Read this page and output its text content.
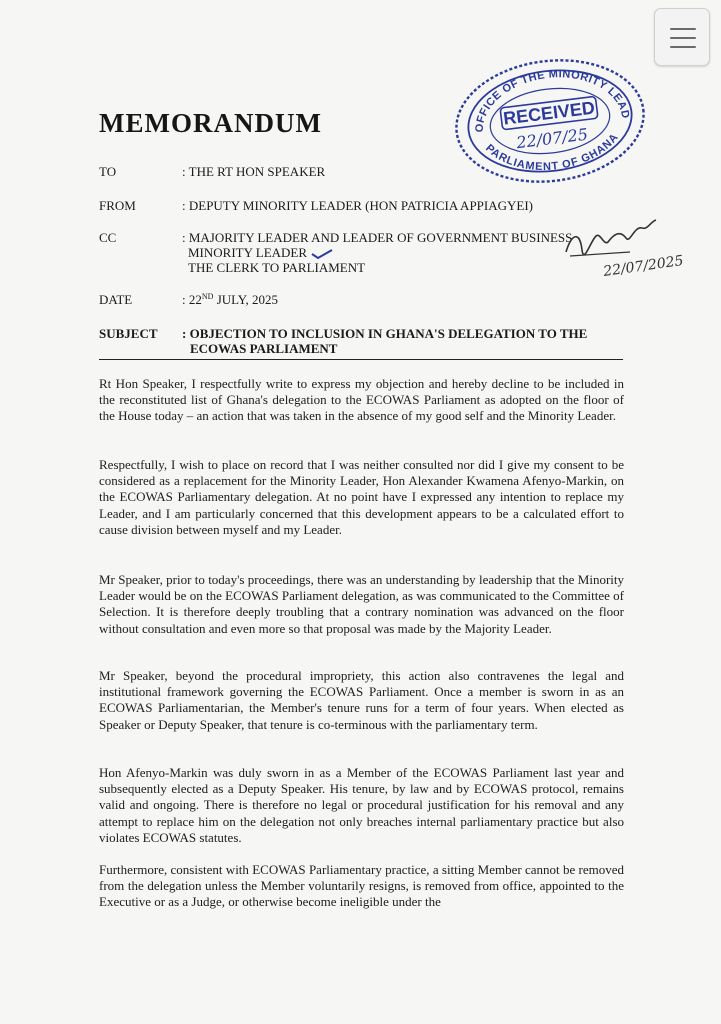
OFFICE OF THE MINORITY LEADER
PARLIAMENT OF GHANA
RECEIVED
22/07/25
MEMORANDUM
TO	: THE RT HON SPEAKER
FROM	: DEPUTY MINORITY LEADER (HON PATRICIA APPIAGYEI)
CC	: MAJORITY LEADER AND LEADER OF GOVERNMENT BUSINESS
MINORITY LEADER
THE CLERK TO PARLIAMENT	22/07/2025
DATE	: 22ND JULY, 2025
SUBJECT : OBJECTION TO INCLUSION IN GHANA'S DELEGATION TO THE
ECOWAS PARLIAMENT

Rt Hon Speaker, I respectfully write to express my objection and hereby decline to be included in the reconstituted list of Ghana's delegation to the ECOWAS Parliament as adopted on the floor of the House today – an action that was taken in the absence of my good self and the Minority Leader.

Respectfully, I wish to place on record that I was neither consulted nor did I give my consent to be considered as a replacement for the Minority Leader, Hon Alexander Kwamena Afenyo-Markin, on the ECOWAS Parliamentary delegation. At no point have I expressed any intention to replace my Leader, and I am particularly concerned that this development appears to be a calculated effort to cause division between myself and my Leader.

Mr Speaker, prior to today's proceedings, there was an understanding by leadership that the Minority Leader would be on the ECOWAS Parliament delegation, as was communicated to the Committee of Selection. It is therefore deeply troubling that a contrary nomination was advanced on the floor without consultation and even more so that proposal was made by the Majority Leader.

Mr Speaker, beyond the procedural impropriety, this action also contravenes the legal and institutional framework governing the ECOWAS Parliament. Once a member is sworn in as an ECOWAS Parliamentarian, the Member's tenure runs for a term of four years. When elected as Speaker or Deputy Speaker, that tenure is co-terminous with the parliamentary term.

Hon Afenyo-Markin was duly sworn in as a Member of the ECOWAS Parliament last year and subsequently elected as a Deputy Speaker. His tenure, by law and by ECOWAS protocol, remains valid and ongoing. There is therefore no legal or procedural justification for his removal and any attempt to replace him on the delegation not only breaches internal parliamentary practice but also violates ECOWAS statutes.

Furthermore, consistent with ECOWAS Parliamentary practice, a sitting Member cannot be removed from the delegation unless the Member voluntarily resigns, is removed from office, appointed to the Executive or as a Judge, or otherwise become ineligible under the
